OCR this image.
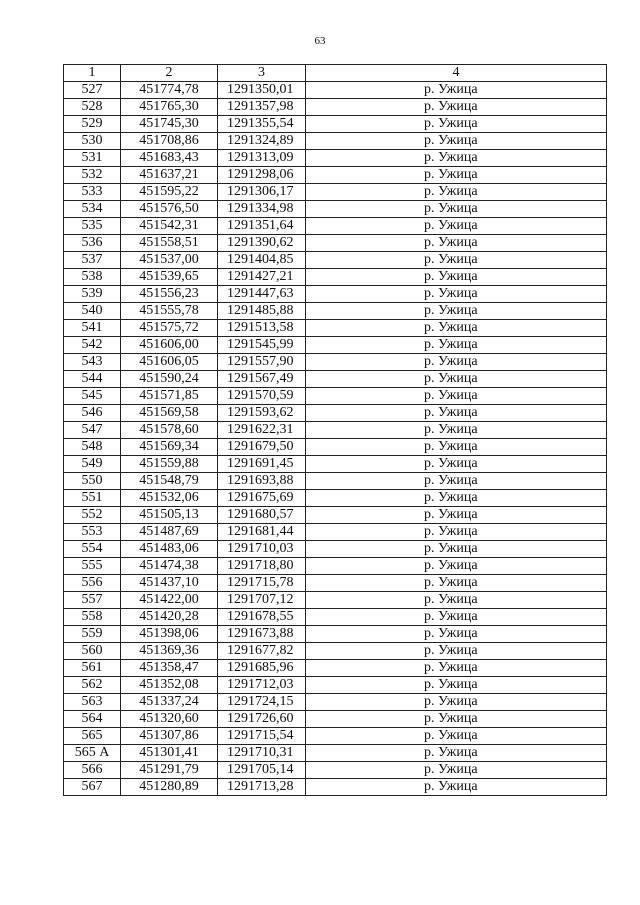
63
1	2	3	4
527	451774,78	1291350,01	р. Ужица
528	451765,30	1291357,98	р. Ужица
529	451745,30	1291355,54	р. Ужица
530	451708,86	1291324,89	р. Ужица
531	451683,43	1291313,09	р. Ужица
532	451637,21	1291298,06	р. Ужица
533	451595,22	1291306,17	р. Ужица
534	451576,50	1291334,98	р. Ужица
535	451542,31	1291351,64	р. Ужица
536	451558,51	1291390,62	р. Ужица
537	451537,00	1291404,85	р. Ужица
538	451539,65	1291427,21	р. Ужица
539	451556,23	1291447,63	р. Ужица
540	451555,78	1291485,88	р. Ужица
541	451575,72	1291513,58	р. Ужица
542	451606,00	1291545,99	р. Ужица
543	451606,05	1291557,90	р. Ужица
544	451590,24	1291567,49	р. Ужица
545	451571,85	1291570,59	р. Ужица
546	451569,58	1291593,62	р. Ужица
547	451578,60	1291622,31	р. Ужица
548	451569,34	1291679,50	р. Ужица
549	451559,88	1291691,45	р. Ужица
550	451548,79	1291693,88	р. Ужица
551	451532,06	1291675,69	р. Ужица
552	451505,13	1291680,57	р. Ужица
553	451487,69	1291681,44	р. Ужица
554	451483,06	1291710,03	р. Ужица
555	451474,38	1291718,80	р. Ужица
556	451437,10	1291715,78	р. Ужица
557	451422,00	1291707,12	р. Ужица
558	451420,28	1291678,55	р. Ужица
559	451398,06	1291673,88	р. Ужица
560	451369,36	1291677,82	р. Ужица
561	451358,47	1291685,96	р. Ужица
562	451352,08	1291712,03	р. Ужица
563	451337,24	1291724,15	р. Ужица
564	451320,60	1291726,60	р. Ужица
565	451307,86	1291715,54	р. Ужица
565 А	451301,41	1291710,31	р. Ужица
566	451291,79	1291705,14	р. Ужица
567	451280,89	1291713,28	р. Ужица
